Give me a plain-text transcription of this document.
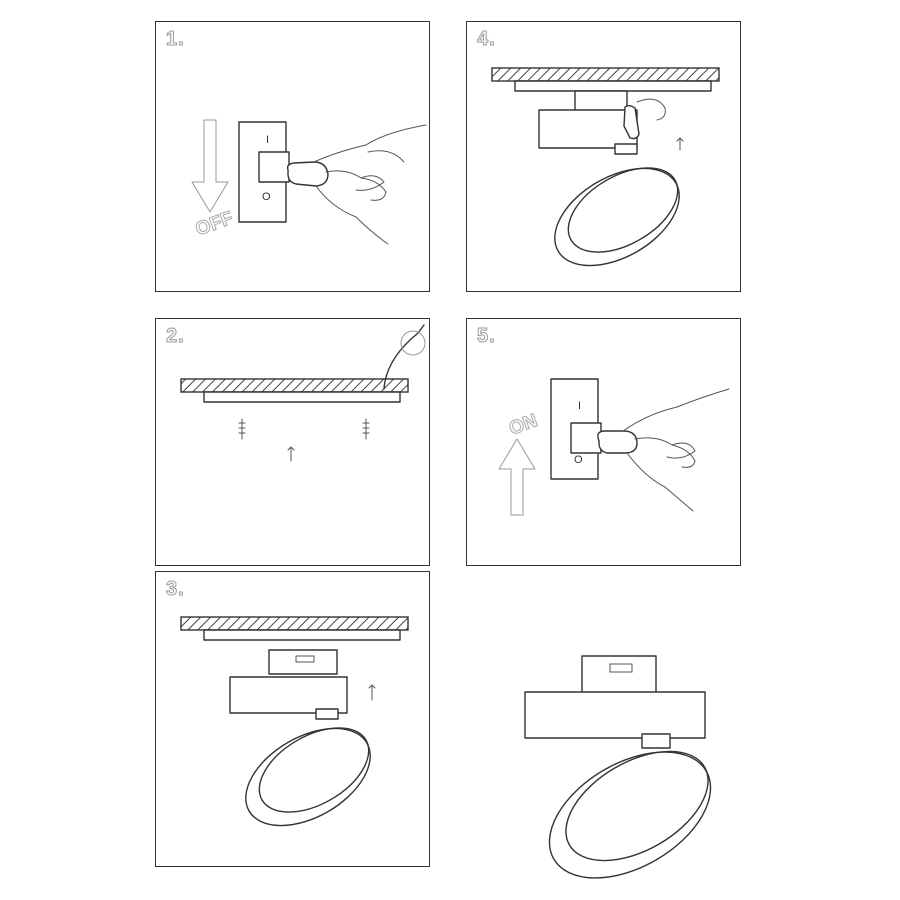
1.
OFF
I
O
4.
2.	5.
ON
I
O
3.
